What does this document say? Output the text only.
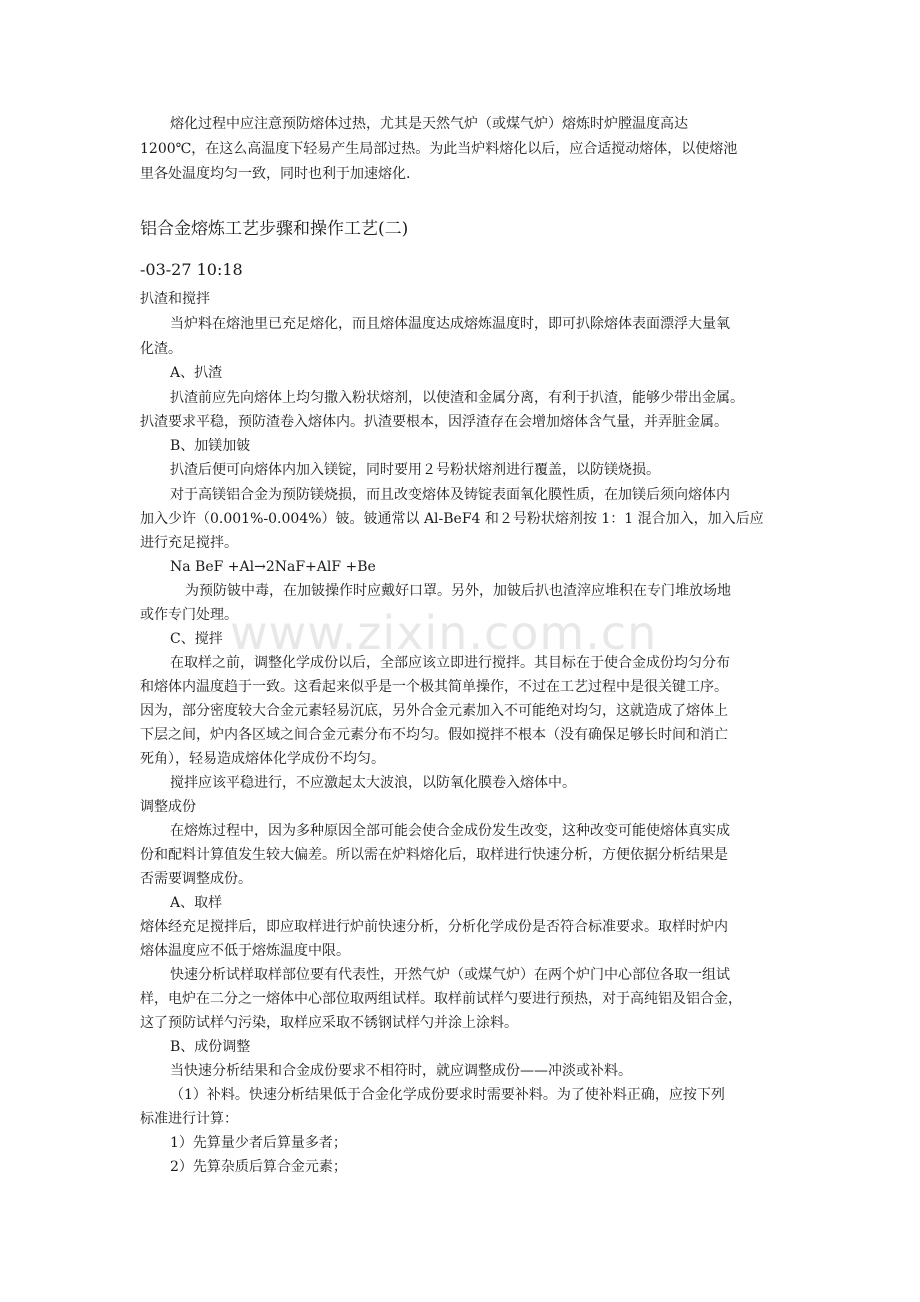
www.zixin.com.cn
熔化过程中应注意预防熔体过热，尤其是天然气炉（或煤气炉）熔炼时炉膛温度高达
1200℃，在这么高温度下轻易产生局部过热。为此当炉料熔化以后，应合适搅动熔体，以使熔池
里各处温度均匀一致，同时也利于加速熔化.
铝合金熔炼工艺步骤和操作工艺(二)
-03-27 10:18
扒渣和搅拌
当炉料在熔池里已充足熔化，而且熔体温度达成熔炼温度时，即可扒除熔体表面漂浮大量氧
化渣。
A、扒渣
扒渣前应先向熔体上均匀撒入粉状熔剂，以使渣和金属分离，有利于扒渣，能够少带出金属。
扒渣要求平稳，预防渣卷入熔体内。扒渣要根本，因浮渣存在会增加熔体含气量，并弄脏金属。
B、加镁加铍
扒渣后便可向熔体内加入镁锭，同时要用２号粉状熔剂进行覆盖，以防镁烧损。
对于高镁铝合金为预防镁烧损，而且改变熔体及铸锭表面氧化膜性质，在加镁后须向熔体内
加入少许（0.001%-0.004%）铍。铍通常以 Al-BeF4 和２号粉状熔剂按 1：1 混合加入，加入后应
进行充足搅拌。
Na BeF +Al→2NaF+AlF +Be
为预防铍中毒，在加铍操作时应戴好口罩。另外，加铍后扒也渣滓应堆积在专门堆放场地
或作专门处理。
C、搅拌
在取样之前，调整化学成份以后，全部应该立即进行搅拌。其目标在于使合金成份均匀分布
和熔体内温度趋于一致。这看起来似乎是一个极其简单操作，不过在工艺过程中是很关键工序。
因为，部分密度较大合金元素轻易沉底，另外合金元素加入不可能绝对均匀，这就造成了熔体上
下层之间，炉内各区域之间合金元素分布不均匀。假如搅拌不根本（没有确保足够长时间和消亡
死角），轻易造成熔体化学成份不均匀。
搅拌应该平稳进行，不应激起太大波浪，以防氧化膜卷入熔体中。
调整成份
在熔炼过程中，因为多种原因全部可能会使合金成份发生改变，这种改变可能使熔体真实成
份和配料计算值发生较大偏差。所以需在炉料熔化后，取样进行快速分析，方便依据分析结果是
否需要调整成份。
A、取样
熔体经充足搅拌后，即应取样进行炉前快速分析，分析化学成份是否符合标准要求。取样时炉内
熔体温度应不低于熔炼温度中限。
快速分析试样取样部位要有代表性，开然气炉（或煤气炉）在两个炉门中心部位各取一组试
样，电炉在二分之一熔体中心部位取两组试样。取样前试样勺要进行预热，对于高纯铝及铝合金，
这了预防试样勺污染，取样应采取不锈钢试样勺并涂上涂料。
B、成份调整
当快速分析结果和合金成份要求不相符时，就应调整成份——冲淡或补料。
（1）补料。快速分析结果低于合金化学成份要求时需要补料。为了使补料正确，应按下列
标准进行计算：
1）先算量少者后算量多者；
2）先算杂质后算合金元素；
